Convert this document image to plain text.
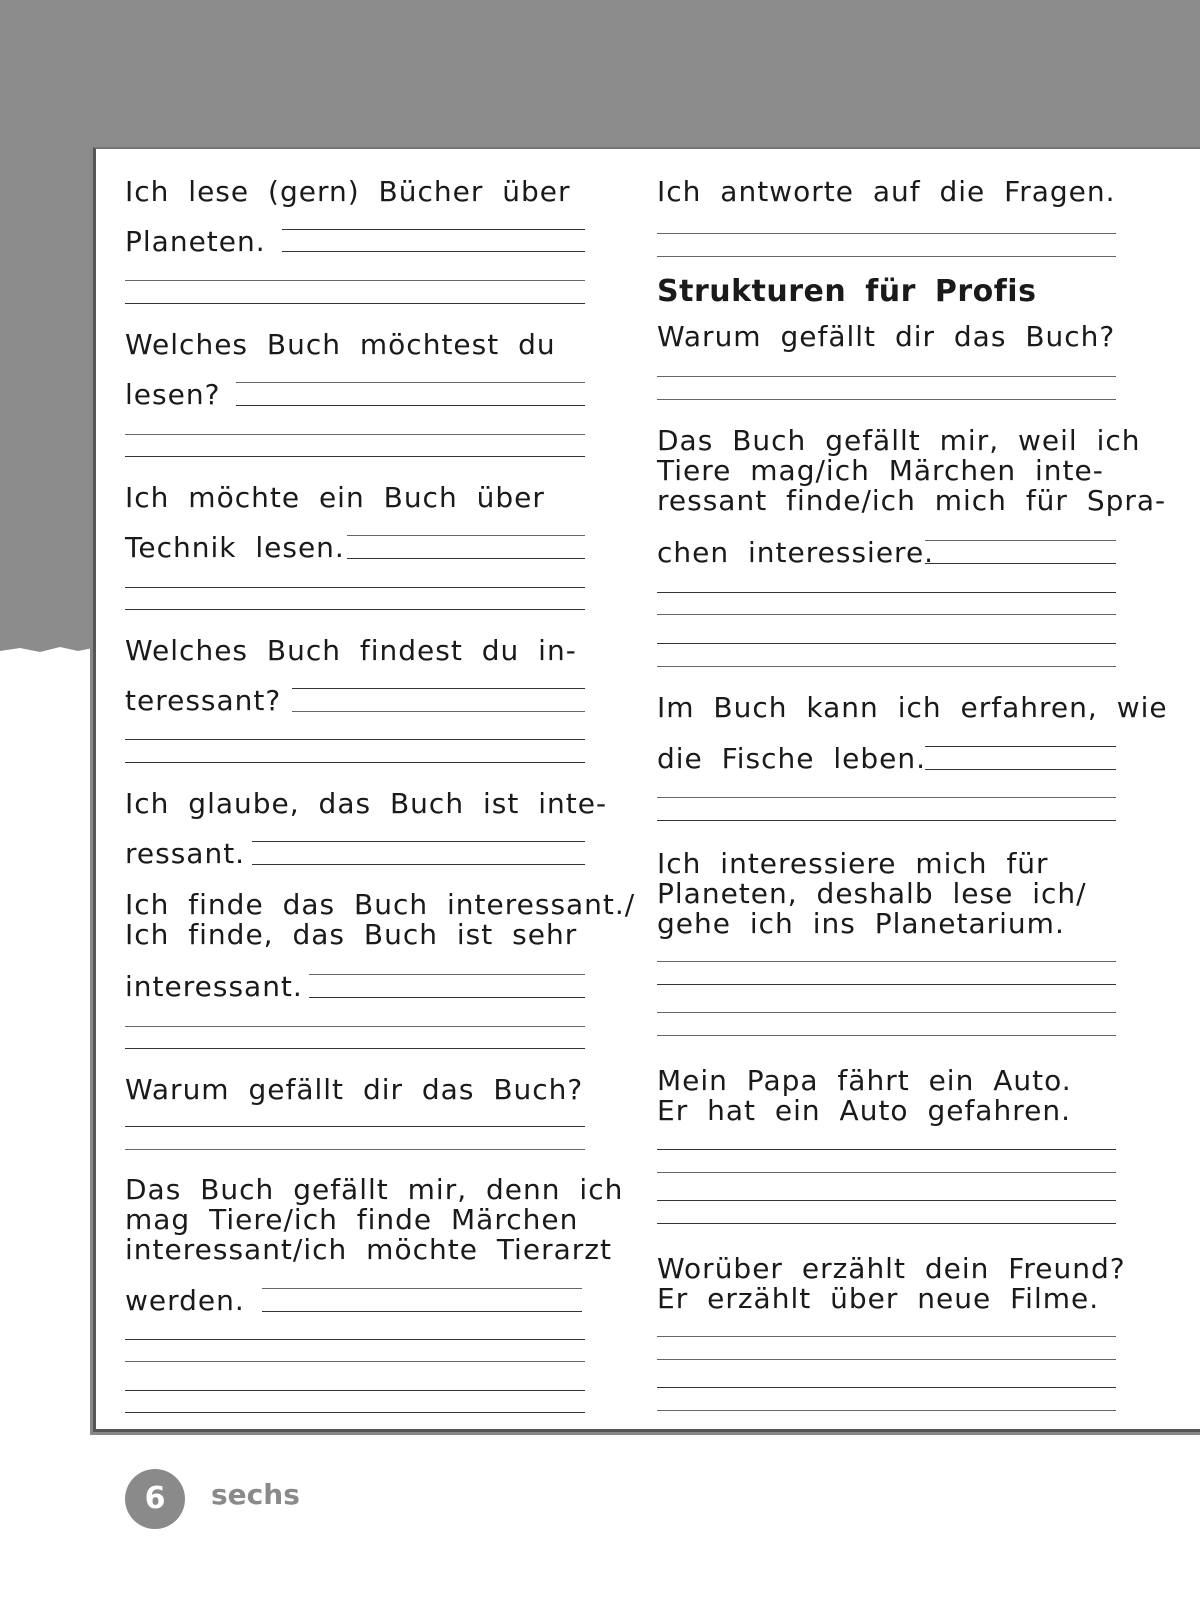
Ich lese (gern) Bücher über
Planeten.
Welches Buch möchtest du
lesen?
Ich möchte ein Buch über
Technik lesen.
Welches Buch findest du in-
teressant?
Ich glaube, das Buch ist inte-
ressant.
Ich finde das Buch interessant./
Ich finde, das Buch ist sehr
interessant.
Warum gefällt dir das Buch?
Das Buch gefällt mir, denn ich
mag Tiere/ich finde Märchen
interessant/ich möchte Tierarzt
werden.
Ich antworte auf die Fragen.
Strukturen für Profis
Warum gefällt dir das Buch?
Das Buch gefällt mir, weil ich
Tiere mag/ich Märchen inte-
ressant finde/ich mich für Spra-
chen interessiere.
Im Buch kann ich erfahren, wie
die Fische leben.
Ich interessiere mich für
Planeten, deshalb lese ich/
gehe ich ins Planetarium.
Mein Papa fährt ein Auto.
Er hat ein Auto gefahren.
Worüber erzählt dein Freund?
Er erzählt über neue Filme.
6	sechs
